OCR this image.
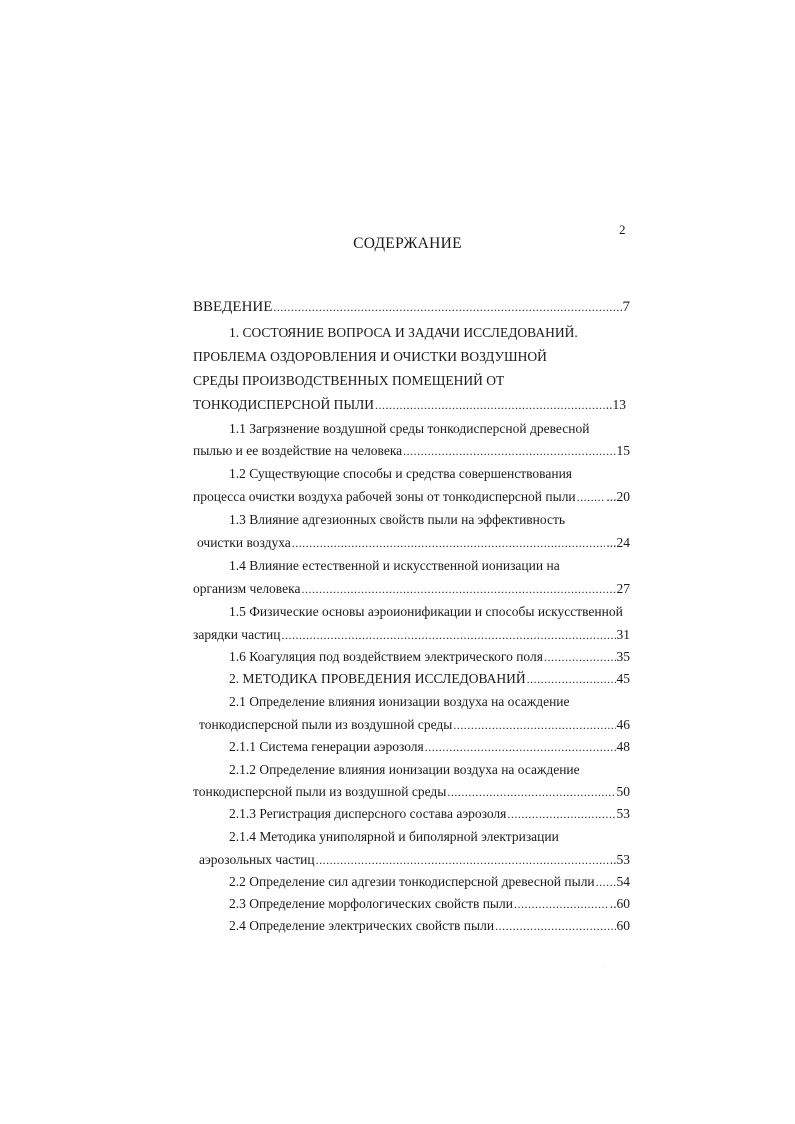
2
СОДЕРЖАНИЕ
ВВЕДЕНИЕ .....	7
1. СОСТОЯНИЕ ВОПРОСА И ЗАДАЧИ ИССЛЕДОВАНИЙ.
ПРОБЛЕМА ОЗДОРОВЛЕНИЯ И ОЧИСТКИ ВОЗДУШНОЙ
СРЕДЫ ПРОИЗВОДСТВЕННЫХ ПОМЕЩЕНИЙ ОТ
ТОНКОДИСПЕРСНОЙ ПЫЛИ .....	..13
1.1 Загрязнение воздушной среды тонкодисперсной древесной
пылью и ее воздействие на человека .....	15
1.2 Существующие способы и средства совершенствования
процесса очистки воздуха рабочей зоны от тонкодисперсной пыли ..... ...20
1.3 Влияние адгезионных свойств пыли на эффективность
очистки воздуха .....	...24
1.4 Влияние естественной и искусственной ионизации на
организм человека .....	27
1.5 Физические основы аэроионификации и способы искусственной
зарядки частиц .....	31
1.6 Коагуляция под воздействием электрического поля .....	35
2. МЕТОДИКА ПРОВЕДЕНИЯ ИССЛЕДОВАНИЙ .....	45
2.1 Определение влияния ионизации воздуха на осаждение
тонкодисперсной пыли из воздушной среды .....	46
2.1.1 Система генерации аэрозоля .....	48
2.1.2 Определение влияния ионизации воздуха на осаждение
тонкодисперсной пыли из воздушной среды .....	50
2.1.3 Регистрация дисперсного состава аэрозоля .....	53
2.1.4 Методика униполярной и биполярной электризации
аэрозольных частиц .....	..53
2.2 Определение сил адгезии тонкодисперсной древесной пыли ..... 54
2.3 Определение морфологических свойств пыли .....	..60
2.4 Определение электрических свойств пыли .....	60
·
